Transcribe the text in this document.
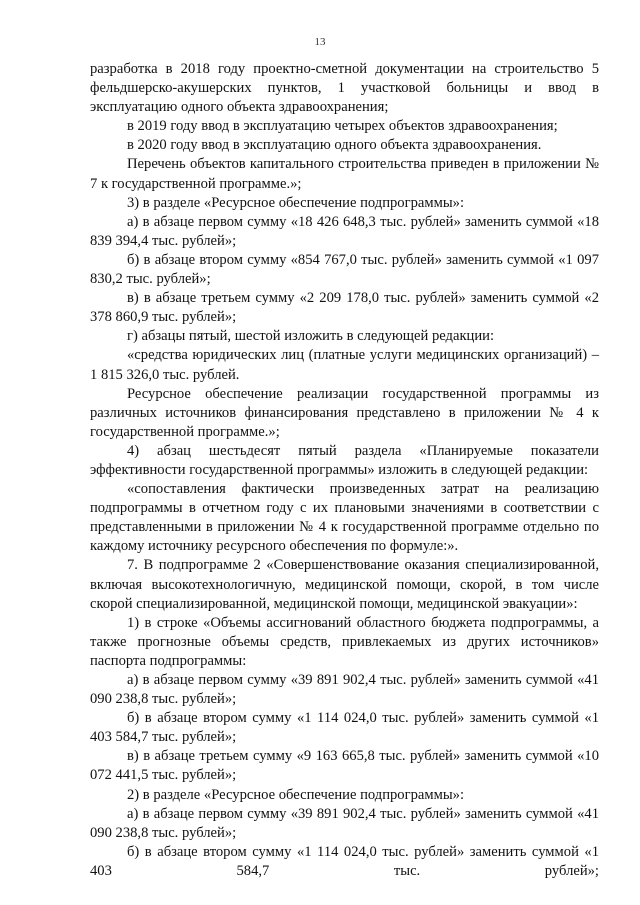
13

разработка в 2018 году проектно-сметной документации на строительство 5 фельдшерско-акушерских пунктов, 1 участковой больницы и ввод в эксплуатацию одного объекта здравоохранения;

в 2019 году ввод в эксплуатацию четырех объектов здравоохранения;

в 2020 году ввод в эксплуатацию одного объекта здравоохранения.

Перечень объектов капитального строительства приведен в приложении № 7 к государственной программе.»;

3) в разделе «Ресурсное обеспечение подпрограммы»:

а) в абзаце первом сумму «18 426 648,3 тыс. рублей» заменить суммой «18 839 394,4 тыс. рублей»;

б) в абзаце втором сумму «854 767,0 тыс. рублей» заменить суммой «1 097 830,2 тыс. рублей»;

в) в абзаце третьем сумму «2 209 178,0 тыс. рублей» заменить суммой «2 378 860,9 тыс. рублей»;

г) абзацы пятый, шестой изложить в следующей редакции:

«средства юридических лиц (платные услуги медицинских организаций) – 1 815 326,0 тыс. рублей.

Ресурсное обеспечение реализации государственной программы из различных источников финансирования представлено в приложении № 4 к государственной программе.»;

4) абзац шестьдесят пятый раздела «Планируемые показатели эффективности государственной программы» изложить в следующей редакции:

«сопоставления фактически произведенных затрат на реализацию подпрограммы в отчетном году с их плановыми значениями в соответствии с представленными в приложении № 4 к государственной программе отдельно по каждому источнику ресурсного обеспечения по формуле:».

7. В подпрограмме 2 «Совершенствование оказания специализированной, включая высокотехнологичную, медицинской помощи, скорой, в том числе скорой специализированной, медицинской помощи, медицинской эвакуации»:

1) в строке «Объемы ассигнований областного бюджета подпрограммы, а также прогнозные объемы средств, привлекаемых из других источников» паспорта подпрограммы:

а) в абзаце первом сумму «39 891 902,4 тыс. рублей» заменить суммой «41 090 238,8 тыс. рублей»;

б) в абзаце втором сумму «1 114 024,0 тыс. рублей» заменить суммой «1 403 584,7 тыс. рублей»;

в) в абзаце третьем сумму «9 163 665,8 тыс. рублей» заменить суммой «10 072 441,5 тыс. рублей»;

2) в разделе «Ресурсное обеспечение подпрограммы»:

а) в абзаце первом сумму «39 891 902,4 тыс. рублей» заменить суммой «41 090 238,8 тыс. рублей»;

б) в абзаце втором сумму «1 114 024,0 тыс. рублей» заменить суммой «1 403 584,7 тыс. рублей»;
